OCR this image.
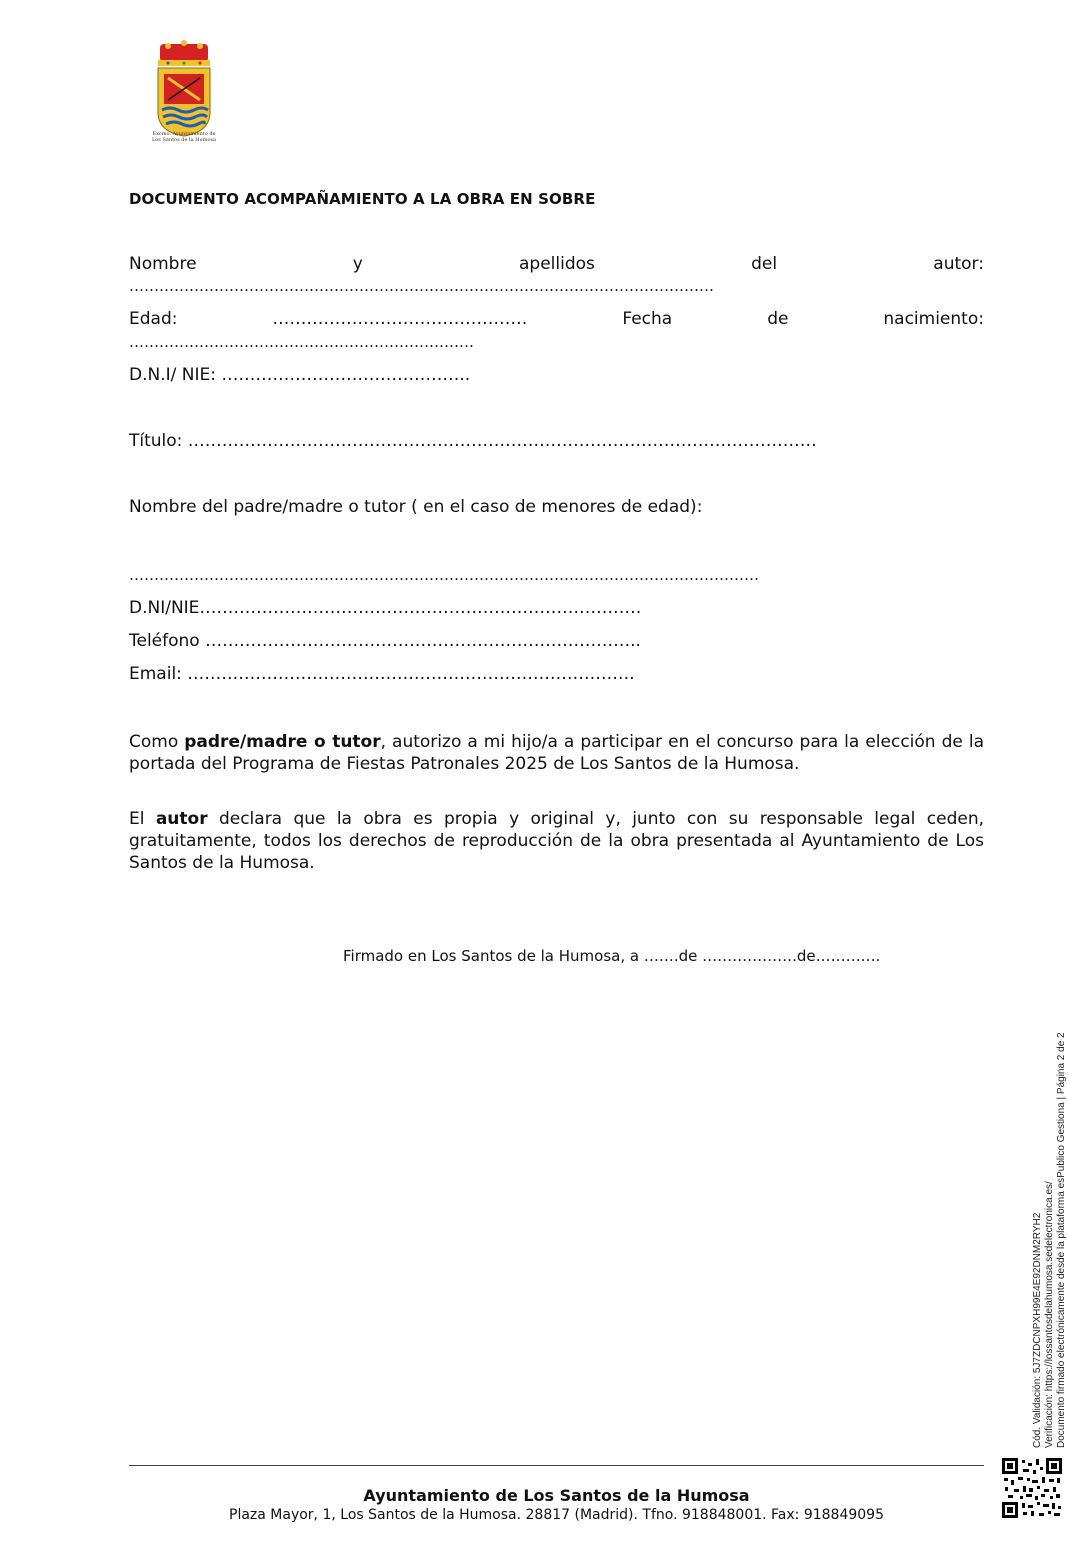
Excmo. Ayuntamiento de
Los Santos de la Humosa
DOCUMENTO ACOMPAÑAMIENTO A LA OBRA EN SOBRE
Nombre	y	apellidos	del	autor:
………………………………………………………………………………………………………
Edad:	………………………………………	Fecha	de	nacimiento:
……………………………………………………………
D.N.I/ NIE: ……………………………………..
Título: …………………………………………………………………………………………………
Nombre del padre/madre o tutor ( en el caso de menores de edad):
………………………………………………………………………………………………………………
D.NI/NIE……………………………………………………………………
Teléfono …………………………………………………………………..
Email: …………………………………………………………………….
Como padre/madre o tutor, autorizo a mi hijo/a a participar en el concurso para la elección de la portada del Programa de Fiestas Patronales 2025 de Los Santos de la Humosa.
El autor declara que la obra es propia y original y, junto con su responsable legal ceden, gratuitamente, todos los derechos de reproducción de la obra presentada al Ayuntamiento de Los Santos de la Humosa.
Firmado en Los Santos de la Humosa, a …….de ……………….de………….
Cód. Validación: 5J7ZDCNPXH99E4E92DNM2RYH2 Verificación: https://lossantosdelahumosa.sedelectronica.es/ Documento firmado electrónicamente desde la plataforma esPublico Gestiona | Página 2 de 2
Ayuntamiento de Los Santos de la Humosa
Plaza Mayor, 1, Los Santos de la Humosa. 28817 (Madrid). Tfno. 918848001. Fax: 918849095
